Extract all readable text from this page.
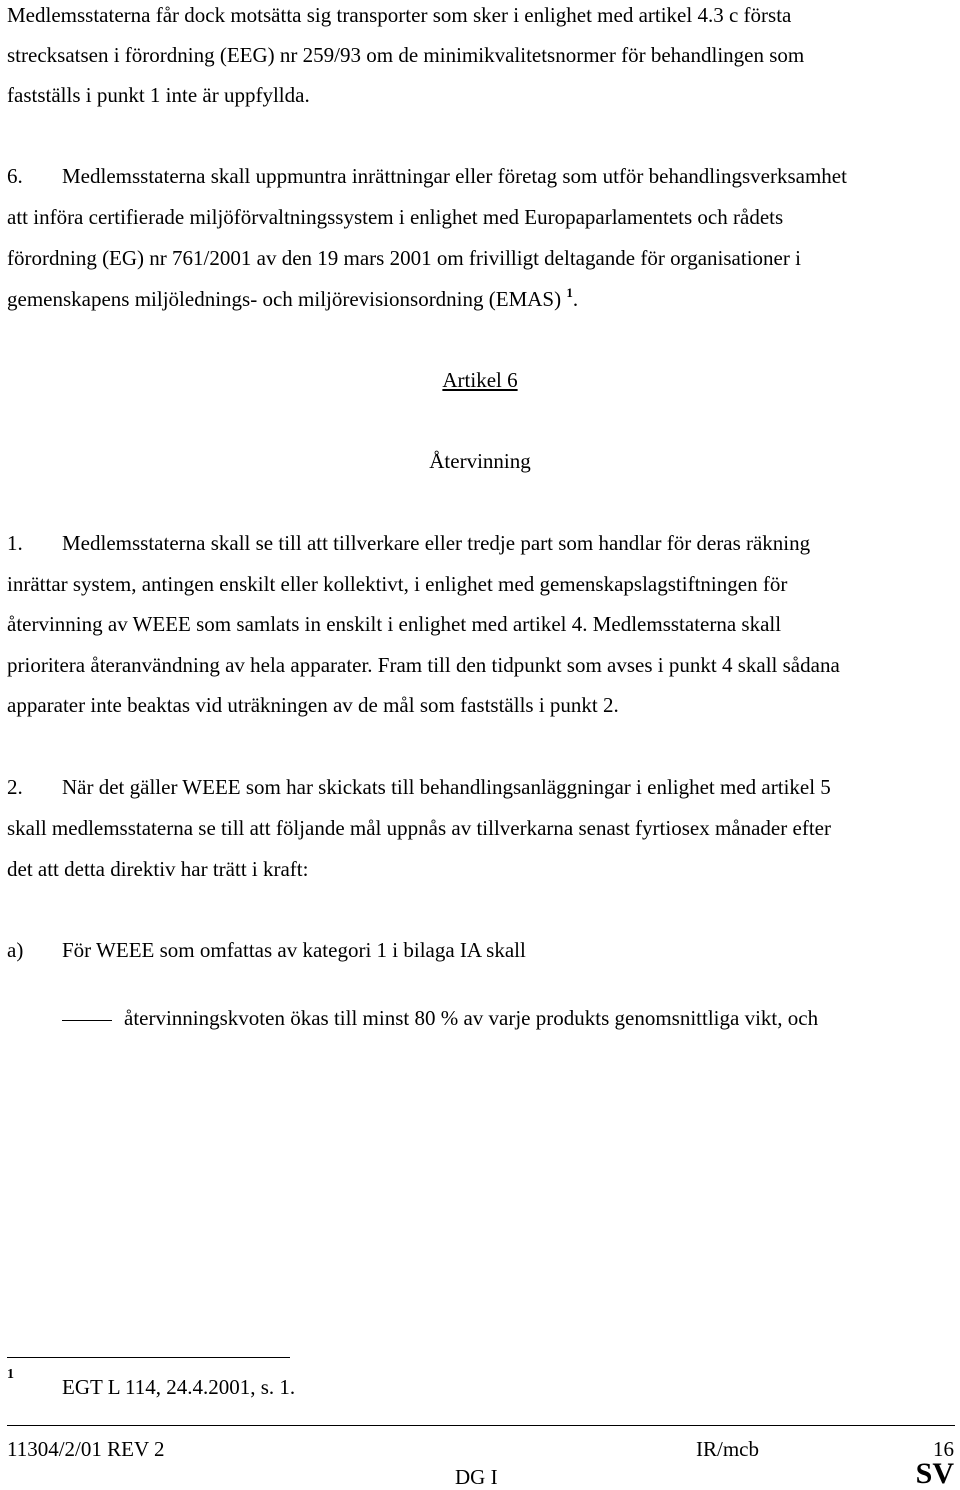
Medlemsstaterna får dock motsätta sig transporter som sker i enlighet med artikel 4.3 c första
strecksatsen i förordning (EEG) nr 259/93 om de minimikvalitetsnormer för behandlingen som
fastställs i punkt 1 inte är uppfyllda.
6. Medlemsstaterna skall uppmuntra inrättningar eller företag som utför behandlingsverksamhet
att införa certifierade miljöförvaltningssystem i enlighet med Europaparlamentets och rådets
förordning (EG) nr 761/2001 av den 19 mars 2001 om frivilligt deltagande för organisationer i
gemenskapens miljölednings- och miljörevisionsordning (EMAS) $^1$.
Artikel 6
Återvinning
1. Medlemsstaterna skall se till att tillverkare eller tredje part som handlar för deras räkning
inrättar system, antingen enskilt eller kollektivt, i enlighet med gemenskapslagstiftningen för
återvinning av WEEE som samlats in enskilt i enlighet med artikel 4. Medlemsstaterna skall
prioritera återanvändning av hela apparater. Fram till den tidpunkt som avses i punkt 4 skall sådana
apparater inte beaktas vid uträkningen av de mål som fastställs i punkt 2.
2. När det gäller WEEE som har skickats till behandlingsanläggningar i enlighet med artikel 5
skall medlemsstaterna se till att följande mål uppnås av tillverkarna senast fyrtiosex månader efter
det att detta direktiv har trätt i kraft:
a) För WEEE som omfattas av kategori 1 i bilaga IA skall
återvinningskvoten ökas till minst 80 % av varje produkts genomsnittliga vikt, och
1
EGT L 114, 24.4.2001, s. 1.
11304/2/01 REV 2	IR/mcb	16
DG I	SV
